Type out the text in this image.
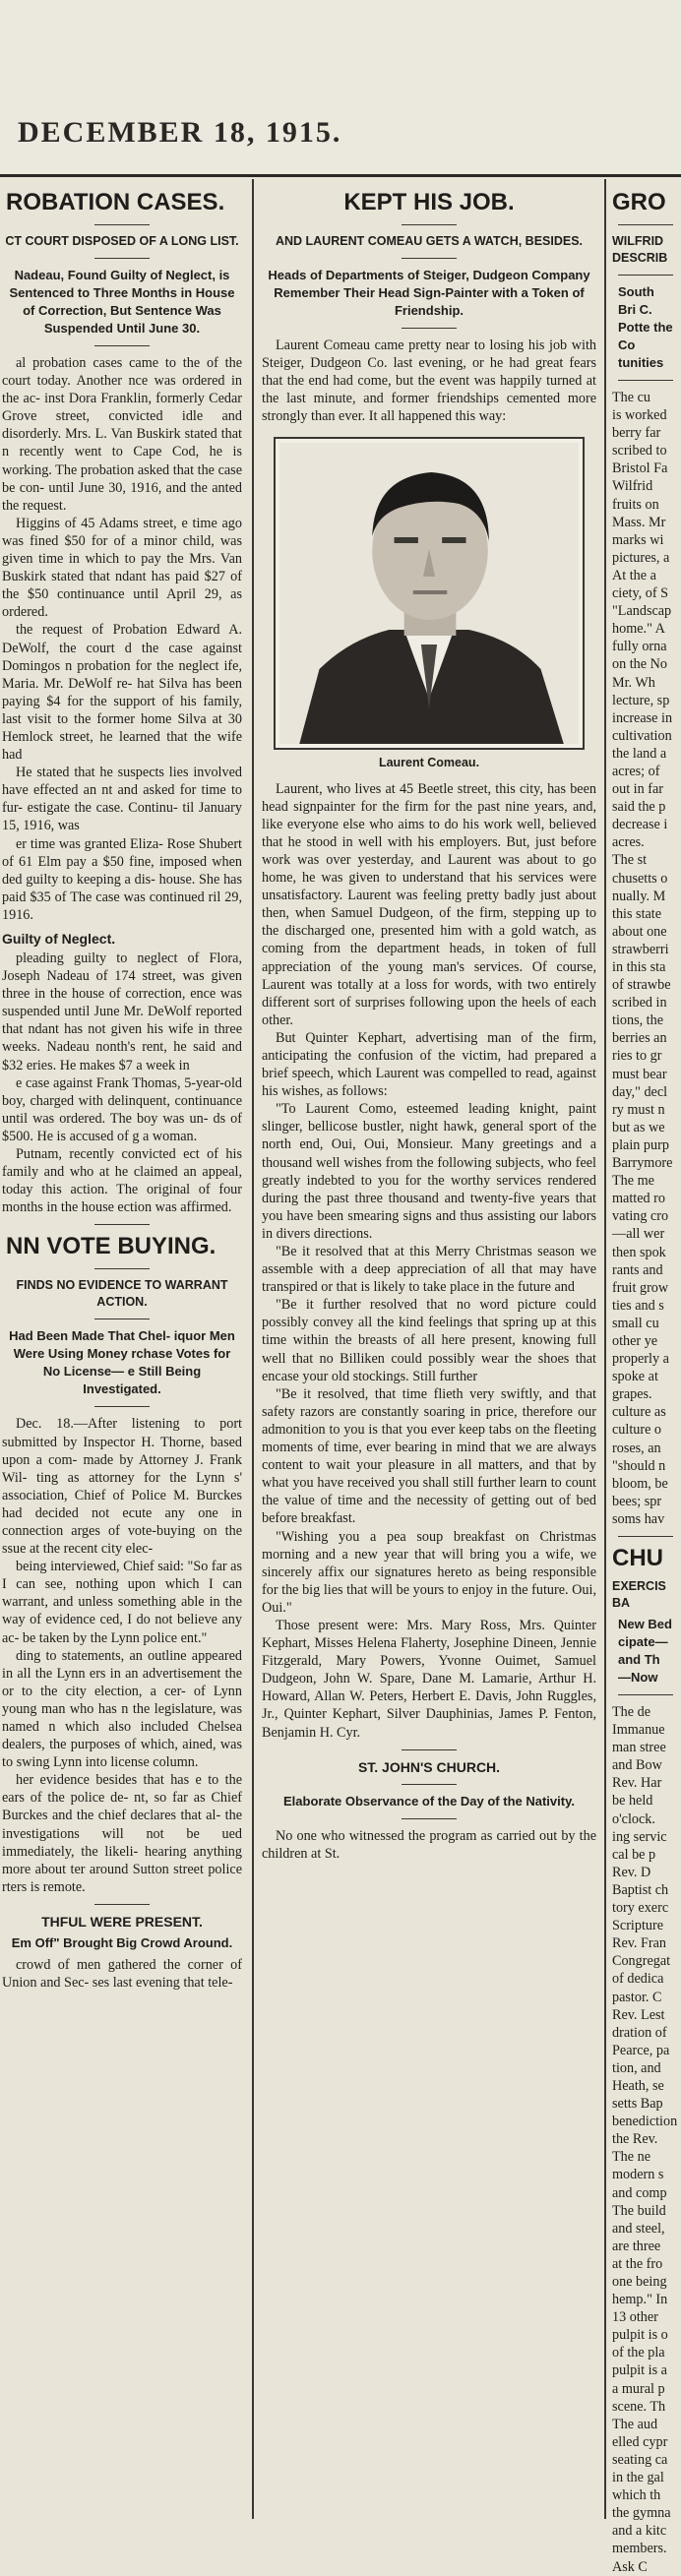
DECEMBER 18, 1915.
ROBATION CASES.
CT COURT DISPOSED OF A LONG LIST.
Nadeau, Found Guilty of Neglect, is Sentenced to Three Months in House of Correction, But Sentence Was Suspended Until June 30.

al probation cases came to the of the court today. Another nce was ordered in the ac- inst Dora Franklin, formerly Cedar Grove street, convicted idle and disorderly. Mrs. L. Van Buskirk stated that n recently went to Cape Cod, he is working. The probation asked that the case be con- until June 30, 1916, and the anted the request.

Higgins of 45 Adams street, e time ago was fined $50 for of a minor child, was given time in which to pay the Mrs. Van Buskirk stated that ndant has paid $27 of the $50 continuance until April 29, as ordered.

the request of Probation Edward A. DeWolf, the court d the case against Domingos n probation for the neglect ife, Maria. Mr. DeWolf re- hat Silva has been paying $4 for the support of his family, last visit to the former home Silva at 30 Hemlock street, he learned that the wife had

He stated that he suspects lies involved have effected an nt and asked for time to fur- estigate the case. Continu- til January 15, 1916, was

er time was granted Eliza- Rose Shubert of 61 Elm pay a $50 fine, imposed when ded guilty to keeping a dis- house. She has paid $35 of The case was continued ril 29, 1916.

Guilty of Neglect.

pleading guilty to neglect of Flora, Joseph Nadeau of 174 street, was given three in the house of correction, ence was suspended until June Mr. DeWolf reported that ndant has not given his wife in three weeks. Nadeau nonth's rent, he said and $32 eries. He makes $7 a week in

e case against Frank Thomas, 5-year-old boy, charged with delinquent, continuance until was ordered. The boy was un- ds of $500. He is accused of g a woman.

Putnam, recently convicted ect of his family and who at he claimed an appeal, today this action. The original of four months in the house ection was affirmed.

NN VOTE BUYING.
FINDS NO EVIDENCE TO WARRANT ACTION.
Had Been Made That Chel- iquor Men Were Using Money rchase Votes for No License— e Still Being Investigated.

Dec. 18.—After listening to port submitted by Inspector H. Thorne, based upon a com- made by Attorney J. Frank Wil- ting as attorney for the Lynn s' association, Chief of Police M. Burckes had decided not ecute any one in connection arges of vote-buying on the ssue at the recent city elec-

being interviewed, Chief said: "So far as I can see, nothing upon which I can warrant, and unless something able in the way of evidence ced, I do not believe any ac- be taken by the Lynn police ent."

ding to statements, an outline appeared in all the Lynn ers in an advertisement the or to the city election, a cer- of Lynn young man who has n the legislature, was named n which also included Chelsea dealers, the purposes of which, ained, was to swing Lynn into license column.

her evidence besides that has e to the ears of the police de- nt, so far as Chief Burckes and the chief declares that al- the investigations will not be ued immediately, the likeli- hearing anything more about ter around Sutton street police rters is remote.

THFUL WERE PRESENT.
Em Off" Brought Big Crowd Around.

crowd of men gathered the corner of Union and Sec- ses last evening that tele-

KEPT HIS JOB.
AND LAURENT COMEAU GETS A WATCH, BESIDES.
Heads of Departments of Steiger, Dudgeon Company Remember Their Head Sign-Painter with a Token of Friendship.

Laurent Comeau came pretty near to losing his job with Steiger, Dudgeon Co. last evening, or he had great fears that the end had come, but the event was happily turned at the last minute, and former friendships cemented more strongly than ever. It all happened this way:

Laurent Comeau.

Laurent, who lives at 45 Beetle street, this city, has been head signpainter for the firm for the past nine years, and, like everyone else who aims to do his work well, believed that he stood in well with his employers. But, just before work was over yesterday, and Laurent was about to go home, he was given to understand that his services were unsatisfactory. Laurent was feeling pretty badly just about then, when Samuel Dudgeon, of the firm, stepping up to the discharged one, presented him with a gold watch, as coming from the department heads, in token of full appreciation of the young man's services. Of course, Laurent was totally at a loss for words, with two entirely different sort of surprises following upon the heels of each other.

But Quinter Kephart, advertising man of the firm, anticipating the confusion of the victim, had prepared a brief speech, which Laurent was compelled to read, against his wishes, as follows:

"To Laurent Como, esteemed leading knight, paint slinger, bellicose bustler, night hawk, general sport of the north end, Oui, Oui, Monsieur. Many greetings and a thousand well wishes from the following subjects, who feel greatly indebted to you for the worthy services rendered during the past three thousand and twenty-five years that you have been smearing signs and thus assisting our labors in divers directions.

"Be it resolved that at this Merry Christmas season we assemble with a deep appreciation of all that may have transpired or that is likely to take place in the future and

"Be it further resolved that no word picture could possibly convey all the kind feelings that spring up at this time within the breasts of all here present, knowing full well that no Billiken could possibly wear the shoes that encase your old stockings. Still further

"Be it resolved, that time flieth very swiftly, and that safety razors are constantly soaring in price, therefore our admonition to you is that you ever keep tabs on the fleeting moments of time, ever bearing in mind that we are always content to wait your pleasure in all matters, and that by what you have received you shall still further learn to count the value of time and the necessity of getting out of bed before breakfast.

"Wishing you a pea soup breakfast on Christmas morning and a new year that will bring you a wife, we sincerely affix our signatures hereto as being responsible for the big lies that will be yours to enjoy in the future. Oui, Oui."

Those present were: Mrs. Mary Ross, Mrs. Quinter Kephart, Misses Helena Flaherty, Josephine Dineen, Jennie Fitzgerald, Mary Powers, Yvonne Ouimet, Samuel Dudgeon, John W. Spare, Dane M. Lamarie, Arthur H. Howard, Allan W. Peters, Herbert E. Davis, John Ruggles, Jr., Quinter Kephart, Silver Dauphinias, James P. Fenton, Benjamin H. Cyr.

ST. JOHN'S CHURCH.
Elaborate Observance of the Day of the Nativity.

No one who witnessed the program as carried out by the children at St.

GRO
WILFRID DESCRIB
South Bri C. Potte the Co tunities
The cu
is worked
berry far
scribed to
Bristol Fa
Wilfrid
fruits on
Mass. Mr
marks wi
pictures, a
At the a
ciety, of S
"Landscap
home." A
fully orna
on the No
Mr. Wh
lecture, sp
increase in
cultivation
the land a
acres; of
out in far
said the p
decrease i
acres.
The st
chusetts o
nually. M
this state
about one
strawberri
in this sta
of strawbe
scribed in
tions, the
berries an
ries to gr
must bear
day," decl
ry must n
but as we
plain purp
Barrymore
The me
matted ro
vating cro
—all wer
then spok
rants and
fruit grow
ties and s
small cu
other ye
properly a
spoke at
grapes.
culture as
culture o
roses, an
"should n
bloom, be
bees; spr
soms hav
CHU
EXERCIS BA
New Bed cipate— and Th —Now
The de
Immanue
man stree
and Bow
Rev. Har
be held
o'clock.
ing servic
cal be p
Rev. D
Baptist ch
tory exerc
Scripture
Rev. Fran
Congregat
of dedica
pastor. C
Rev. Lest
dration of
Pearce, pa
tion, and
Heath, se
setts Bap
benediction
the Rev.
The ne
modern s
and comp
The build
and steel,
are three
at the fro
one being
hemp." In
13 other
pulpit is o
of the pla
pulpit is a
a mural p
scene. Th
The aud
elled cypr
seating ca
in the gal
which th
the gymna
and a kitc
members.
Ask C
